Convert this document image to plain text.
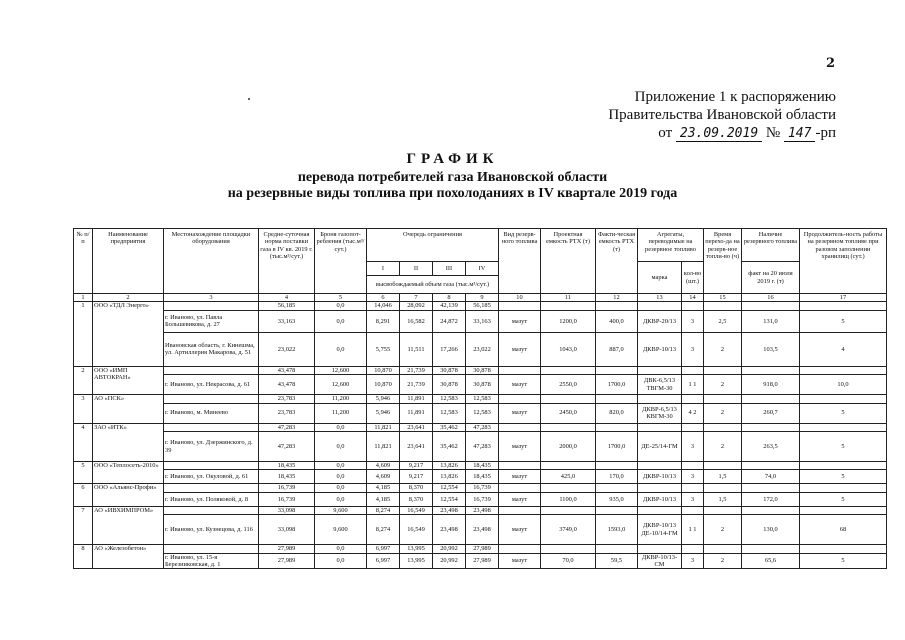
2
Приложение 1 к распоряжению
Правительства Ивановской области
от 23.09.2019 № 147 -рп
ГРАФИК
перевода потребителей газа Ивановской области
на резервные виды топлива при похолоданиях в IV квартале 2019 года
№ п/п	Наименование предприятия	Местонахождение площадки оборудования	Средне-суточная норма поставки газа в IV кв. 2019 г. (тыс.м³/сут.)	Броня газопот-ребления (тыс.м³/сут.)	Очередь ограничения				Вид резерв-ного топлива	Проектная емкость РТХ (т)	Факти-ческая емкость РТХ (т)	Агрегаты, переводимые на резервное топливо		Время перехо-да на резерв-ное топли-во (ч)	Наличие резервного топлива	Продолжитель-ность работы на резервном топливе при разовом заполнении хранилищ (сут.)
					I	II	III	IV				марка	кол-во (шт.)		факт на 20 июля 2019 г. (т)	
					высвобождаемый объем газа (тыс.м³/сут.)											
1	2	3	4	5	6	7	8	9	10	11	12	13	14	15	16	17
1	ООО «ТДЛ Энерго»		56,185	0,0	14,046	28,092	42,139	56,185								
		г. Иваново, ул. Павла Большевикова, д. 27	33,163	0,0	8,291	16,582	24,872	33,163	мазут	1200,0	400,0	ДКВР-20/13	3	2,5	131,0	5
		Ивановская область, г. Кинешма, ул. Артиллерия Макарова, д. 51	23,022	0,0	5,755	11,511	17,266	23,022	мазут	1043,0	887,0	ДКВР-10/13	3	2	103,5	4
2	ООО «ИМП АВТОКРАН»		43,478	12,600	10,870	21,739	30,878	30,878								
		г. Иваново, ул. Некрасова, д. 61	43,478	12,600	10,870	21,739	30,878	30,878	мазут	2550,0	1700,0	ДВК-6,5/13 ТВГМ-30	1 1	2	918,0	10,0
3	АО «ПСК»		23,783	11,200	5,946	11,891	12,583	12,583								
		г. Иваново, м. Минеево	23,783	11,200	5,946	11,891	12,583	12,583	мазут	2450,0	820,0	ДКВР-6,5/13 КВГМ-30	4 2	2	260,7	5
4	ЗАО «ИТК»		47,283	0,0	11,821	23,641	35,462	47,283								
		г. Иваново, ул. Дзержинского, д. 39	47,283	0,0	11,821	23,641	35,462	47,283	мазут	2000,0	1700,0	ДЕ-25/14-ГМ	3	2	263,5	5
5	ООО «Теплосеть-2010»		18,435	0,0	4,609	9,217	13,826	18,435								
		г. Иваново, ул. Окуловой, д. 61	18,435	0,0	4,609	9,217	13,826	18,435	мазут	425,0	170,0	ДКВР-10/13	3	1,5	74,0	5
6	ООО «Альянс-Профи»		16,739	0,0	4,185	8,370	12,554	16,739								
		г. Иваново, ул. Поляковой, д. 8	16,739	0,0	4,185	8,370	12,554	16,739	мазут	1100,0	935,0	ДКВР-10/13	3	1,5	172,0	5
7	АО «ИВХИМПРОМ»		33,098	9,600	8,274	16,549	23,498	23,498								
		г. Иваново, ул. Кузнецова, д. 116	33,098	9,600	8,274	16,549	23,498	23,498	мазут	3749,0	1593,0	ДКВР-10/13 ДЕ-10/14-ГМ	1 1	2	130,0	68
8	АО «Железобетон»		27,989	0,0	6,997	13,995	20,992	27,989								
		г. Иваново, ул. 15-я Березниковская, д. 1	27,989	0,0	6,997	13,995	20,992	27,989	мазут	70,0	59,5	ДКВР-10/13-СМ	3	2	65,6	5
